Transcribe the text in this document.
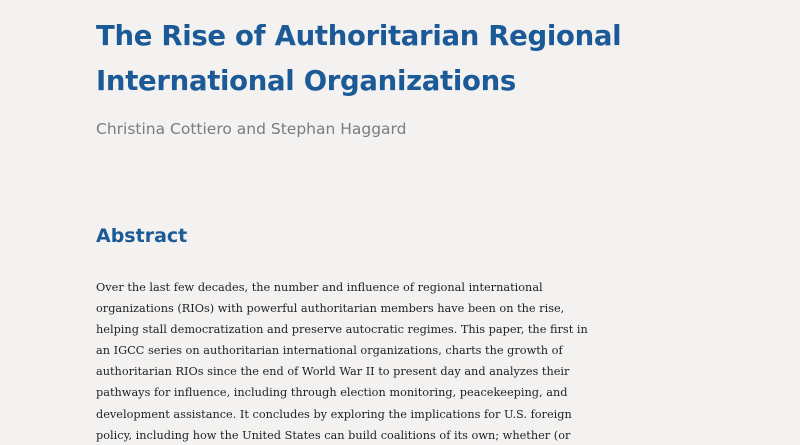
The Rise of Authoritarian Regional
International Organizations

Christina Cottiero and Stephan Haggard

Abstract
Over the last few decades, the number and influence of regional international
organizations (RIOs) with powerful authoritarian members have been on the rise,
helping stall democratization and preserve autocratic regimes. This paper, the first in
an IGCC series on authoritarian international organizations, charts the growth of
authoritarian RIOs since the end of World War II to present day and analyzes their
pathways for influence, including through election monitoring, peacekeeping, and
development assistance. It concludes by exploring the implications for U.S. foreign
policy, including how the United States can build coalitions of its own; whether (or
